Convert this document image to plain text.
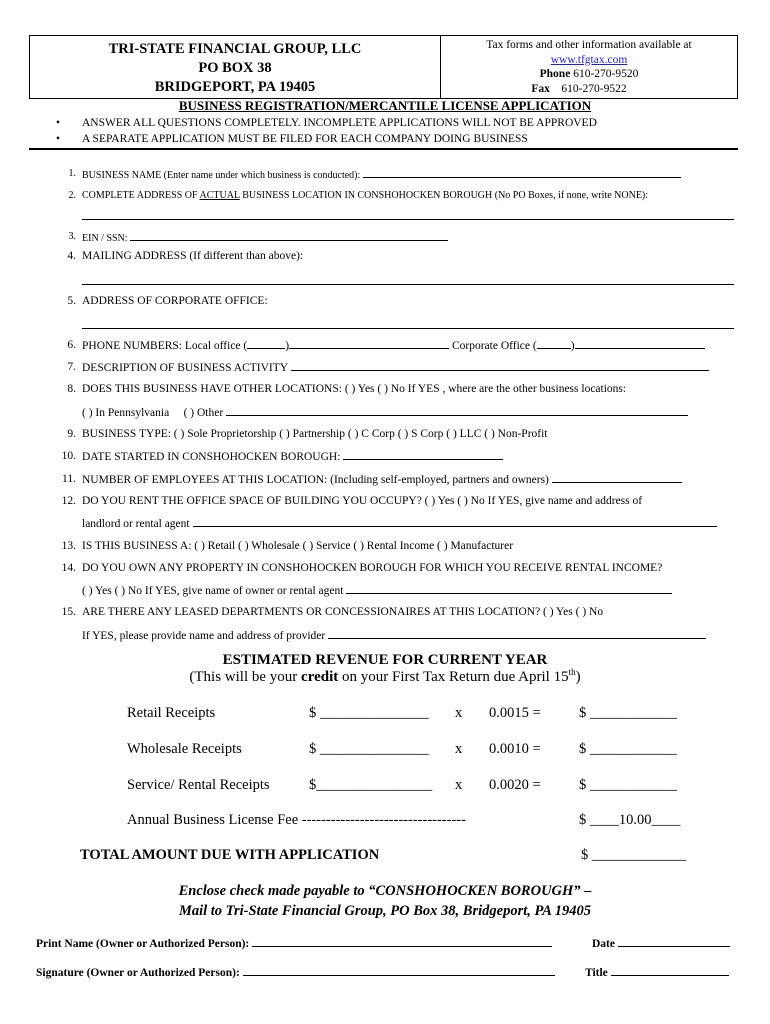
TRI-STATE FINANCIAL GROUP, LLC
PO BOX 38
BRIDGEPORT, PA 19405
Tax forms and other information available at
www.tfgtax.com
Phone 610-270-9520
Fax 610-270-9522
BUSINESS REGISTRATION/MERCANTILE LICENSE APPLICATION
•	ANSWER ALL QUESTIONS COMPLETELY. INCOMPLETE APPLICATIONS WILL NOT BE APPROVED
•	A SEPARATE APPLICATION MUST BE FILED FOR EACH COMPANY DOING BUSINESS
1. BUSINESS NAME (Enter name under which business is conducted):
2. COMPLETE ADDRESS OF ACTUAL BUSINESS LOCATION IN CONSHOHOCKEN BOROUGH (No PO Boxes, if none, write NONE):
3. EIN / SSN:
4. MAILING ADDRESS (If different than above):
5. ADDRESS OF CORPORATE OFFICE:
6. PHONE NUMBERS: Local office (	)	Corporate Office (	)
7. DESCRIPTION OF BUSINESS ACTIVITY
8. DOES THIS BUSINESS HAVE OTHER LOCATIONS: ( ) Yes ( ) No If YES , where are the other business locations:
( ) In Pennsylvania ( ) Other
9. BUSINESS TYPE: ( ) Sole Proprietorship ( ) Partnership ( ) C Corp ( ) S Corp ( ) LLC ( ) Non-Profit
10. DATE STARTED IN CONSHOHOCKEN BOROUGH:
11. NUMBER OF EMPLOYEES AT THIS LOCATION: (Including self-employed, partners and owners)
12. DO YOU RENT THE OFFICE SPACE OF BUILDING YOU OCCUPY? ( ) Yes ( ) No If YES, give name and address of
landlord or rental agent
13. IS THIS BUSINESS A: ( ) Retail ( ) Wholesale ( ) Service ( ) Rental Income ( ) Manufacturer
14. DO YOU OWN ANY PROPERTY IN CONSHOHOCKEN BOROUGH FOR WHICH YOU RECEIVE RENTAL INCOME?
( ) Yes ( ) No If YES, give name of owner or rental agent
15. ARE THERE ANY LEASED DEPARTMENTS OR CONCESSIONAIRES AT THIS LOCATION? ( ) Yes ( ) No
If YES, please provide name and address of provider
ESTIMATED REVENUE FOR CURRENT YEAR
(This will be your credit on your First Tax Return due April 15th)
Retail Receipts	$ _______________ x 0.0015 =	$ ____________
Wholesale Receipts	$ _______________ x 0.0010 =	$ ____________
Service/ Rental Receipts	$________________ x 0.0020 =	$ ____________
Annual Business License Fee ----------------------------------	$ ____10.00____
TOTAL AMOUNT DUE WITH APPLICATION	$ _____________
Enclose check made payable to “CONSHOHOCKEN BOROUGH” –
Mail to Tri-State Financial Group, PO Box 38, Bridgeport, PA 19405
Print Name (Owner or Authorized Person):	Date
Signature (Owner or Authorized Person):	Title
